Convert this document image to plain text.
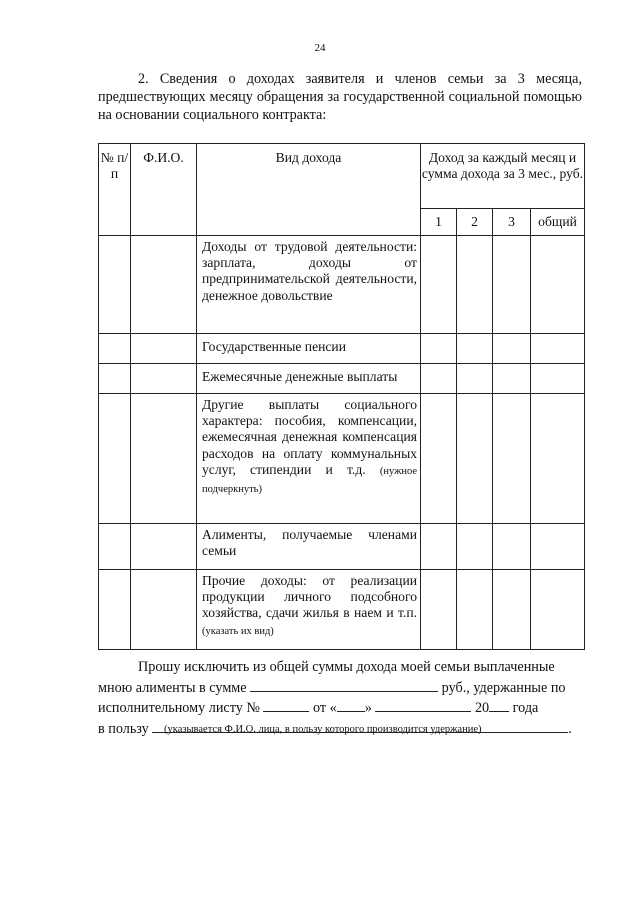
24

2. Сведения о доходах заявителя и членов семьи за 3 месяца, предшествующих месяцу обращения за государственной социальной помощью на основании социального контракта:

№ п/п	Ф.И.О.	Вид дохода	Доход за каждый месяц и сумма дохода за 3 мес., руб.			
			1	2	3	общий
		Доходы от трудовой деятельности: зарплата, доходы от предпринимательской деятельности, денежное довольствие				
		Государственные пенсии				
		Ежемесячные денежные выплаты				
		Другие выплаты социального характера: пособия, компенсации, ежемесячная денежная компенсация расходов на оплату коммунальных услуг, стипендии и т.д. (нужное подчеркнуть)				
		Алименты, получаемые членами семьи				
		Прочие доходы: от реализации продукции личного подсобного хозяйства, сдачи жилья в наем и т.п. (указать их вид)				

Прошу исключить из общей суммы дохода моей семьи выплаченные

мною алименты в сумме	руб., удержанные по

исполнительному листу №	от « »	20 года

в пользу	.

(указывается Ф.И.О. лица, в пользу которого производится удержание)
